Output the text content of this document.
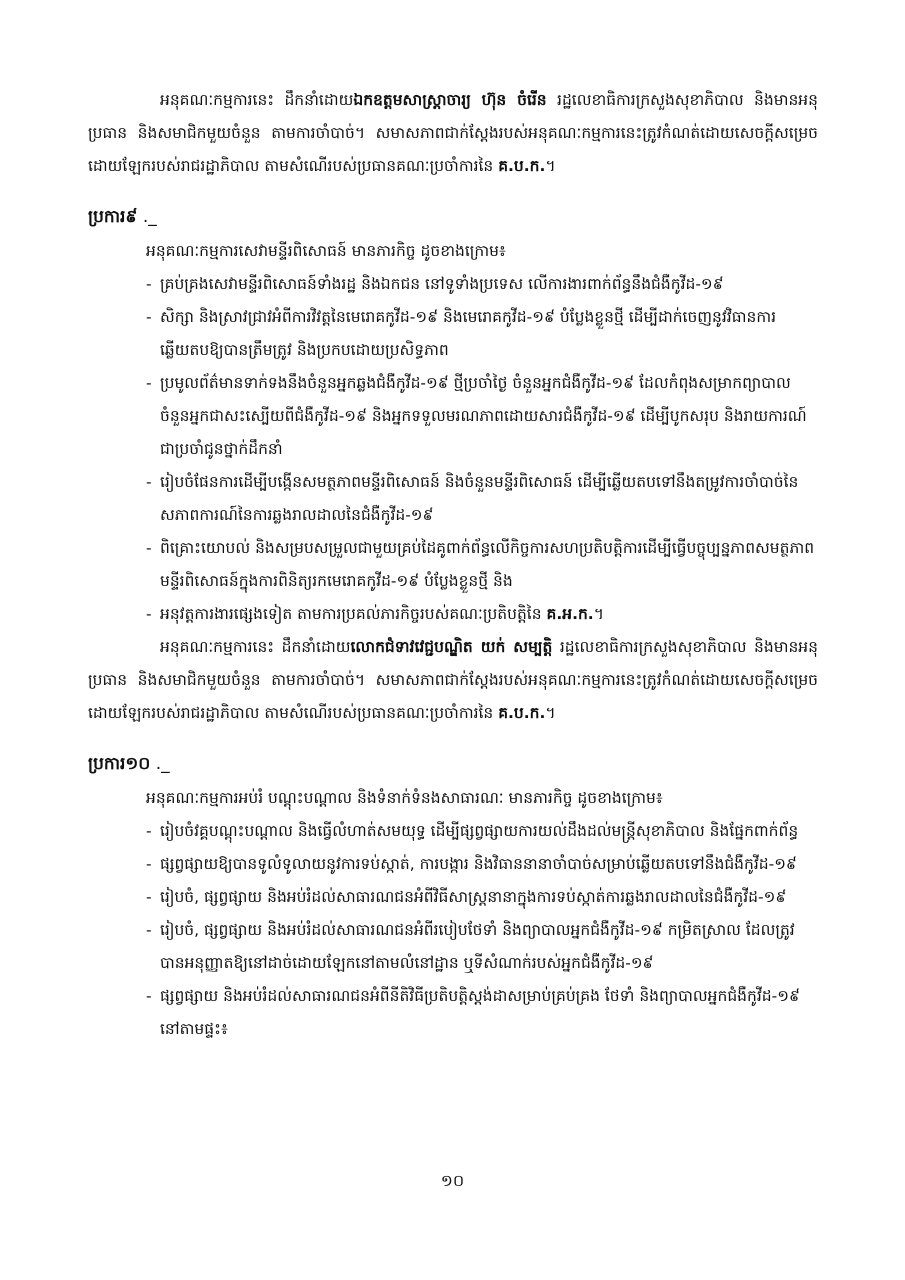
អនុគណៈកម្មការនេះ ដឹកនាំដោយឯកឧត្តមសាស្ត្រាចារ្យ ហ៊ុន ចំរើន រដ្ឋលេខាធិការក្រសួងសុខាភិបាល និងមានអនុប្រធាន និងសមាជិកមួយចំនួន តាមការចាំបាច់។ សមាសភាពជាក់ស្តែងរបស់អនុគណៈកម្មការនេះត្រូវកំណត់ដោយសេចក្តីសម្រេចដោយឡែករបស់រាជរដ្ឋាភិបាល តាមសំណើរបស់ប្រធានគណៈប្រចាំការនៃ គ.ប.ក.។

ប្រការ៩ ._

អនុគណៈកម្មការសេវាមន្ទីរពិសោធន៍ មានភារកិច្ច ដូចខាងក្រោម៖

- គ្រប់គ្រងសេវាមន្ទីរពិសោធន៍ទាំងរដ្ឋ និងឯកជន នៅទូទាំងប្រទេស លើការងារពាក់ព័ន្ធនឹងជំងឺកូវីដ-១៩
- សិក្សា និងស្រាវជ្រាវអំពីការវិវត្តនៃមេរោគកូវីដ-១៩ និងមេរោគកូវីដ-១៩ បំប្លែងខ្លួនថ្មី ដើម្បីដាក់ចេញនូវវិធានការឆ្លើយតបឱ្យបានត្រឹមត្រូវ និងប្រកបដោយប្រសិទ្ធភាព
- ប្រមូលព័ត៌មានទាក់ទងនឹងចំនួនអ្នកឆ្លងជំងឺកូវីដ-១៩ ថ្មីប្រចាំថ្ងៃ ចំនួនអ្នកជំងឺកូវីដ-១៩ ដែលកំពុងសម្រាកព្យាបាល ចំនួនអ្នកជាសះស្បើយពីជំងឺកូវីដ-១៩ និងអ្នកទទួលមរណភាពដោយសារជំងឺកូវីដ-១៩ ដើម្បីបូកសរុប និងរាយការណ៍ជាប្រចាំជូនថ្នាក់ដឹកនាំ
- រៀបចំផែនការដើម្បីបង្កើនសមត្ថភាពមន្ទីរពិសោធន៍ និងចំនួនមន្ទីរពិសោធន៍ ដើម្បីឆ្លើយតបទៅនឹងតម្រូវការចាំបាច់នៃសភាពការណ៍នៃការឆ្លងរាលដាលនៃជំងឺកូវីដ-១៩
- ពិគ្រោះយោបល់ និងសម្របសម្រួលជាមួយគ្រប់ដៃគូពាក់ព័ន្ធលើកិច្ចការសហប្រតិបត្តិការដើម្បីធ្វើបច្ចុប្បន្នភាពសមត្ថភាពមន្ទីរពិសោធន៍ក្នុងការពិនិត្យរកមេរោគកូវីដ-១៩ បំប្លែងខ្លួនថ្មី និង
- អនុវត្តការងារផ្សេងទៀត តាមការប្រគល់ភារកិច្ចរបស់គណៈប្រតិបត្តិនៃ គ.អ.ក.។

អនុគណៈកម្មការនេះ ដឹកនាំដោយលោកជំទាវវេជ្ជបណ្ឌិត យក់ សម្បត្តិ រដ្ឋលេខាធិការក្រសួងសុខាភិបាល និងមានអនុប្រធាន និងសមាជិកមួយចំនួន តាមការចាំបាច់។ សមាសភាពជាក់ស្តែងរបស់អនុគណៈកម្មការនេះត្រូវកំណត់ដោយសេចក្តីសម្រេចដោយឡែករបស់រាជរដ្ឋាភិបាល តាមសំណើរបស់ប្រធានគណៈប្រចាំការនៃ គ.ប.ក.។

ប្រការ១០ ._

អនុគណៈកម្មការអប់រំ បណ្តុះបណ្តាល និងទំនាក់ទំនងសាធារណៈ មានភារកិច្ច ដូចខាងក្រោម៖

- រៀបចំវគ្គបណ្តុះបណ្តាល និងធ្វើលំហាត់សមយុទ្ធ ដើម្បីផ្សព្វផ្សាយការយល់ដឹងដល់មន្ត្រីសុខាភិបាល និងផ្នែកពាក់ព័ន្ធ
- ផ្សព្វផ្សាយឱ្យបានទូលំទូលាយនូវការទប់ស្កាត់, ការបង្ការ និងវិធាននានាចាំបាច់សម្រាប់ឆ្លើយតបទៅនឹងជំងឺកូវីដ-១៩
- រៀបចំ, ផ្សព្វផ្សាយ និងអប់រំដល់សាធារណជនអំពីវិធីសាស្ត្រនានាក្នុងការទប់ស្កាត់ការឆ្លងរាលដាលនៃជំងឺកូវីដ-១៩
- រៀបចំ, ផ្សព្វផ្សាយ និងអប់រំដល់សាធារណជនអំពីរបៀបថែទាំ និងព្យាបាលអ្នកជំងឺកូវីដ-១៩ កម្រិតស្រាល ដែលត្រូវបានអនុញ្ញាតឱ្យនៅដាច់ដោយឡែកនៅតាមលំនៅដ្ឋាន ឬទីសំណាក់របស់អ្នកជំងឺកូវីដ-១៩
- ផ្សព្វផ្សាយ និងអប់រំដល់សាធារណជនអំពីនីតិវិធីប្រតិបត្តិស្តង់ដាសម្រាប់គ្រប់គ្រង ថែទាំ និងព្យាបាលអ្នកជំងឺកូវីដ-១៩ នៅតាមផ្ទះ៖
១០
